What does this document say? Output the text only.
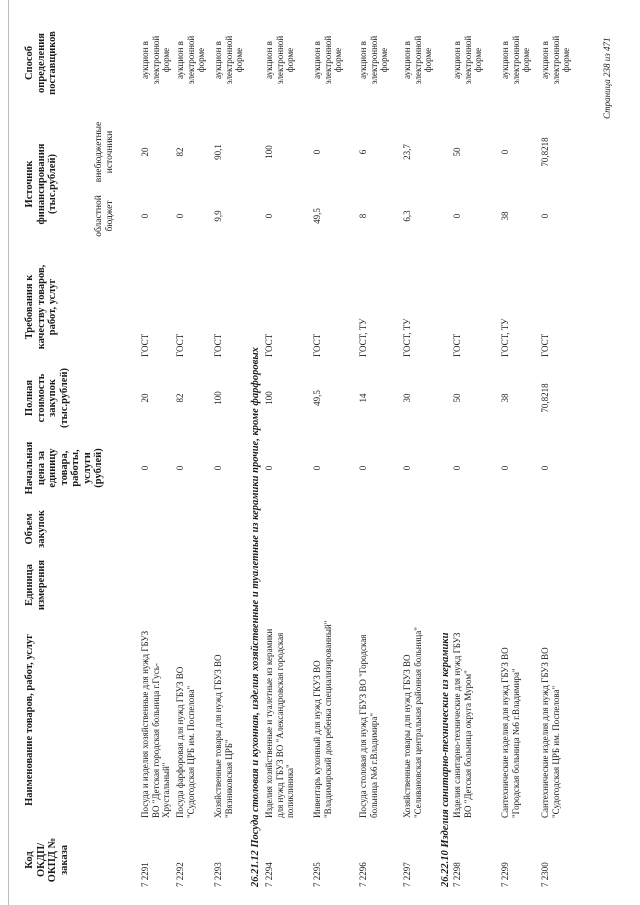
Код ОКДП/ ОКПД № заказа
Наименование товаров, работ, услуг
Единица измерения
Объем закупок
Начальная цена за единицу товара, работы, услуги (рублей)
Полная стоимость закупок (тыс.рублей)
Требования к качеству товаров, работ, услуг
Источник финансирования (тыс.рублей)
областной бюджет
внебюджетные источники
Способ определения поставщиков
7 2291
Посуда и изделия хозяйственные для нужд ГБУЗ ВО "Детская городская больница г.Гусь-Хрустальный"
0
20
ГОСТ
0
20
аукцион в электронной форме
7 2292
Посуда фарфоровая для нужд ГБУЗ ВО "Судогодская ЦРБ им. Поспелова"
0
82
ГОСТ
0
82
аукцион в электронной форме
7 2293
Хозяйственные товары для нужд ГБУЗ ВО "Вязниковская ЦРБ"
0
100
ГОСТ
9,9
90,1
аукцион в электронной форме
7 2294
Изделия хозяйственные и туалетные из керамики для нужд ГБУЗ ВО "Александровская городская поликлиника"
0
100
ГОСТ
0
100
аукцион в электронной форме
7 2295
Инвентарь кухонный для нужд ГКУЗ ВО "Владимирский дом ребенка специализированный"
0
49,5
ГОСТ
49,5
0
аукцион в электронной форме
7 2296
Посуда столовая для нужд ГБУЗ ВО "Городская больница №6 г.Владимира"
0
14
ГОСТ, ТУ
8
6
аукцион в электронной форме
7 2297
Хозяйственные товары для нужд ГБУЗ ВО "Селивановская центральная районная больница"
0
30
ГОСТ, ТУ
6,3
23,7
аукцион в электронной форме
7 2298
Изделия санитарно-технические для нужд ГБУЗ ВО "Детская больница округа Муром"
0
50
ГОСТ
0
50
аукцион в электронной форме
7 2299
Сантехнические изделия для нужд ГБУЗ ВО "Городская больница №6 г.Владимира"
0
38
ГОСТ, ТУ
38
0
аукцион в электронной форме
7 2300
Сантехнические изделия для нужд ГБУЗ ВО "Судогодская ЦРБ им. Поспелова"
0
70,8218
ГОСТ
0
70,8218
аукцион в электронной форме
26.21.12 Посуда столовая и кухонная, изделия хозяйственные и туалетные из керамики прочие, кроме фарфоровых
26.22.10 Изделия санитарно-технические из керамики
Страница 238 из 471
